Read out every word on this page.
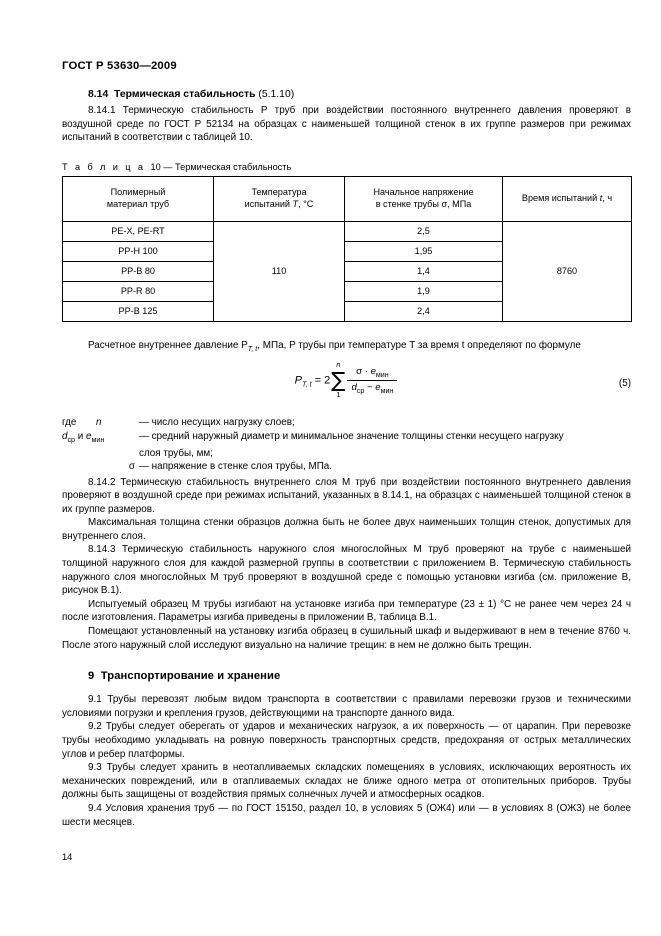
ГОСТ Р 53630—2009

8.14 Термическая стабильность (5.1.10)

8.14.1 Термическую стабильность Р труб при воздействии постоянного внутреннего давления проверяют в воздушной среде по ГОСТ Р 52134 на образцах с наименьшей толщиной стенок в их группе размеров при режимах испытаний в соответствии с таблицей 10.

Т а б л и ц а 10 — Термическая стабильность

Полимерный
материал труб	Температура
испытаний T, °С	Начальное напряжение
в стенке трубы σ, МПа	Время испытаний t, ч
PE-X, PE-RT	110	2,5	8760
PP-H 100		1,95	
PP-B 80		1,4	
PP-R 80		1,9	
PP-B 125		2,4	

Расчетное внутреннее давление $P_{T, t}$, МПа, P трубы при температуре T за время t определяют по формуле

$P_{T, t} = 2$
n
∑
$1 \frac{\sigma \cdot e_{мин}}{d_{ср} - e_{мин}}$	(5)
где	n	— число несущих нагрузку слоев;
$d_{ср}$ и $e_{мин}$	— средний наружный диаметр и минимальное значение толщины стенки несущего нагрузку
слоя трубы, мм;
σ — напряжение в стенке слоя трубы, МПа.

8.14.2 Термическую стабильность внутреннего слоя М труб при воздействии постоянного внутреннего давления проверяют в воздушной среде при режимах испытаний, указанных в 8.14.1, на образцах с наименьшей толщиной стенок в их группе размеров.

Максимальная толщина стенки образцов должна быть не более двух наименьших толщин стенок, допустимых для внутреннего слоя.

8.14.3 Термическую стабильность наружного слоя многослойных М труб проверяют на трубе с наименьшей толщиной наружного слоя для каждой размерной группы в соответствии с приложением В. Термическую стабильность наружного слоя многослойных М труб проверяют в воздушной среде с помощью установки изгиба (см. приложение В, рисунок В.1).

Испытуемый образец М трубы изгибают на установке изгиба при температуре (23 ± 1) °С не ранее чем через 24 ч после изготовления. Параметры изгиба приведены в приложении В, таблица В.1.

Помещают установленный на установку изгиба образец в сушильный шкаф и выдерживают в нем в течение 8760 ч. После этого наружный слой исследуют визуально на наличие трещин: в нем не должно быть трещин.

9 Транспортирование и хранение

9.1 Трубы перевозят любым видом транспорта в соответствии с правилами перевозки грузов и техническими условиями погрузки и крепления грузов, действующими на транспорте данного вида.

9.2 Трубы следует оберегать от ударов и механических нагрузок, а их поверхность — от царапин. При перевозке трубы необходимо укладывать на ровную поверхность транспортных средств, предохраняя от острых металлических углов и ребер платформы.

9.3 Трубы следует хранить в неотапливаемых складских помещениях в условиях, исключающих вероятность их механических повреждений, или в отапливаемых складах не ближе одного метра от отопительных приборов. Трубы должны быть защищены от воздействия прямых солнечных лучей и атмосферных осадков.

9.4 Условия хранения труб — по ГОСТ 15150, раздел 10, в условиях 5 (ОЖ4) или — в условиях 8 (ОЖ3) не более шести месяцев.

14
